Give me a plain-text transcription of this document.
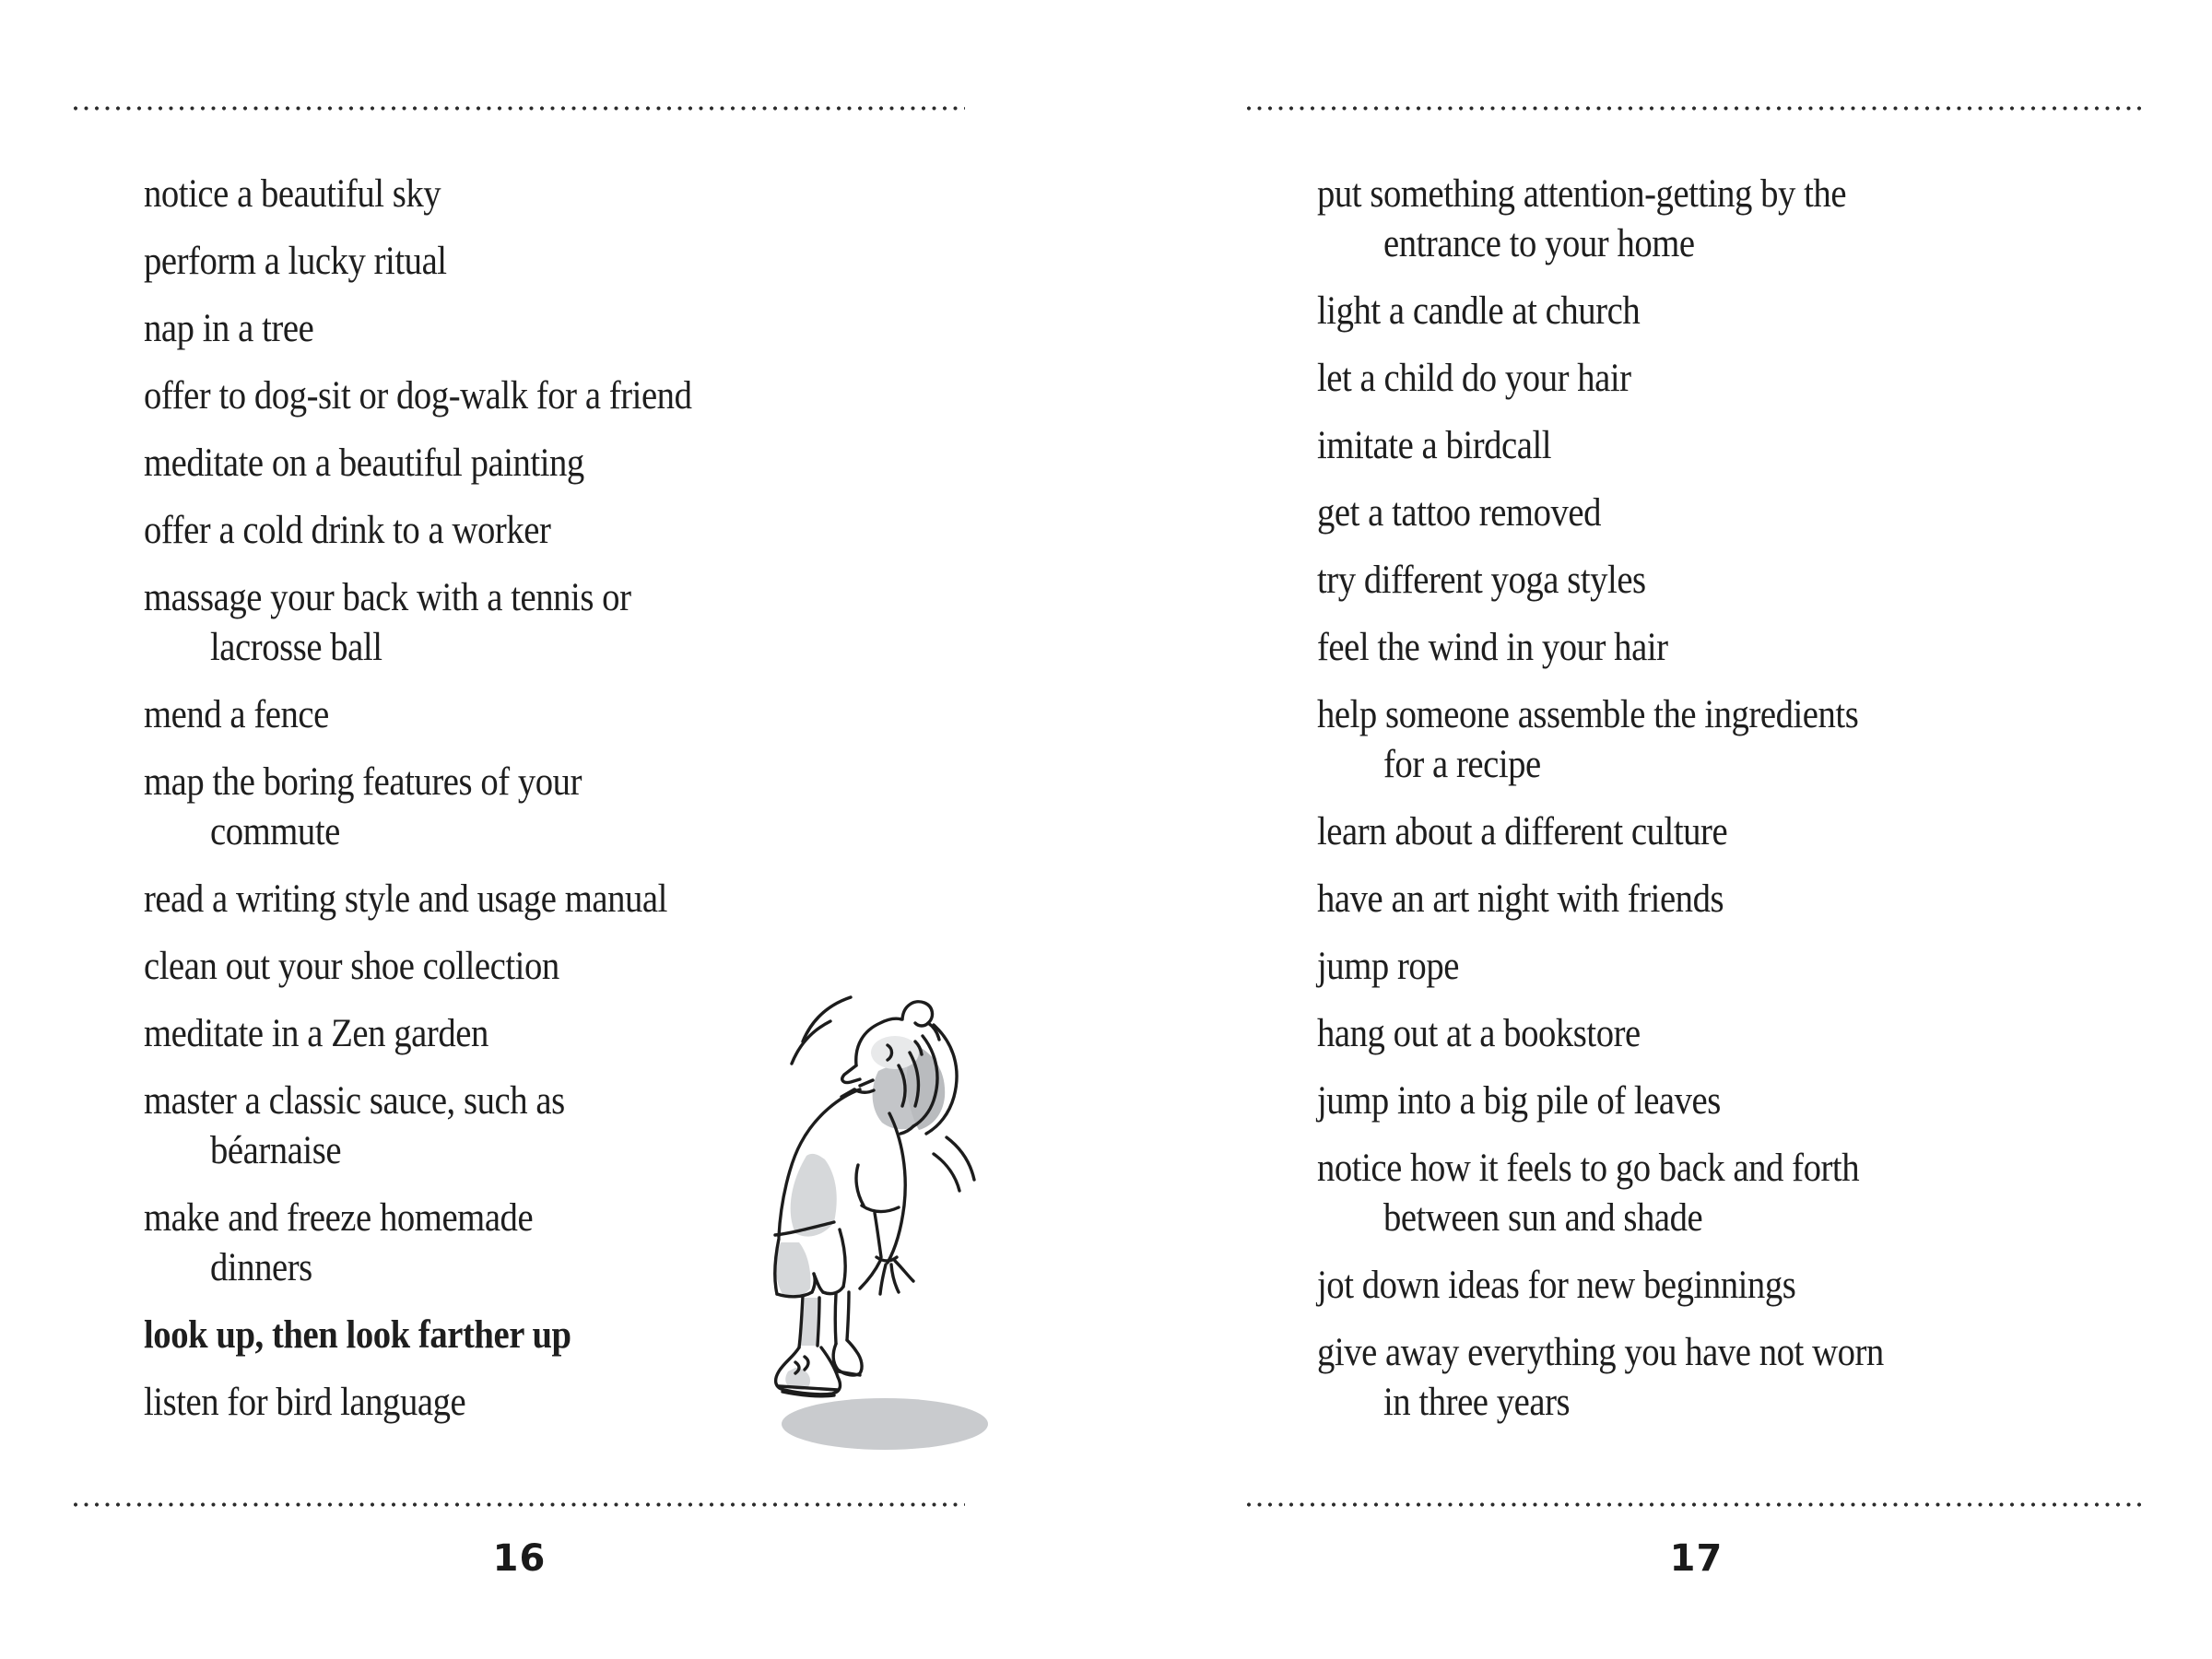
notice a beautiful sky
perform a lucky ritual
nap in a tree
offer to dog-sit or dog-walk for a friend
meditate on a beautiful painting
offer a cold drink to a worker
massage your back with a tennis or
lacrosse ball
mend a fence
map the boring features of your
commute
read a writing style and usage manual
clean out your shoe collection
meditate in a Zen garden
master a classic sauce, such as
béarnaise
make and freeze homemade
dinners
look up, then look farther up
listen for bird language
16
put something attention-getting by the
entrance to your home
light a candle at church
let a child do your hair
imitate a birdcall
get a tattoo removed
try different yoga styles
feel the wind in your hair
help someone assemble the ingredients
for a recipe
learn about a different culture
have an art night with friends
jump rope
hang out at a bookstore
jump into a big pile of leaves
notice how it feels to go back and forth
between sun and shade
jot down ideas for new beginnings
give away everything you have not worn
in three years
17
